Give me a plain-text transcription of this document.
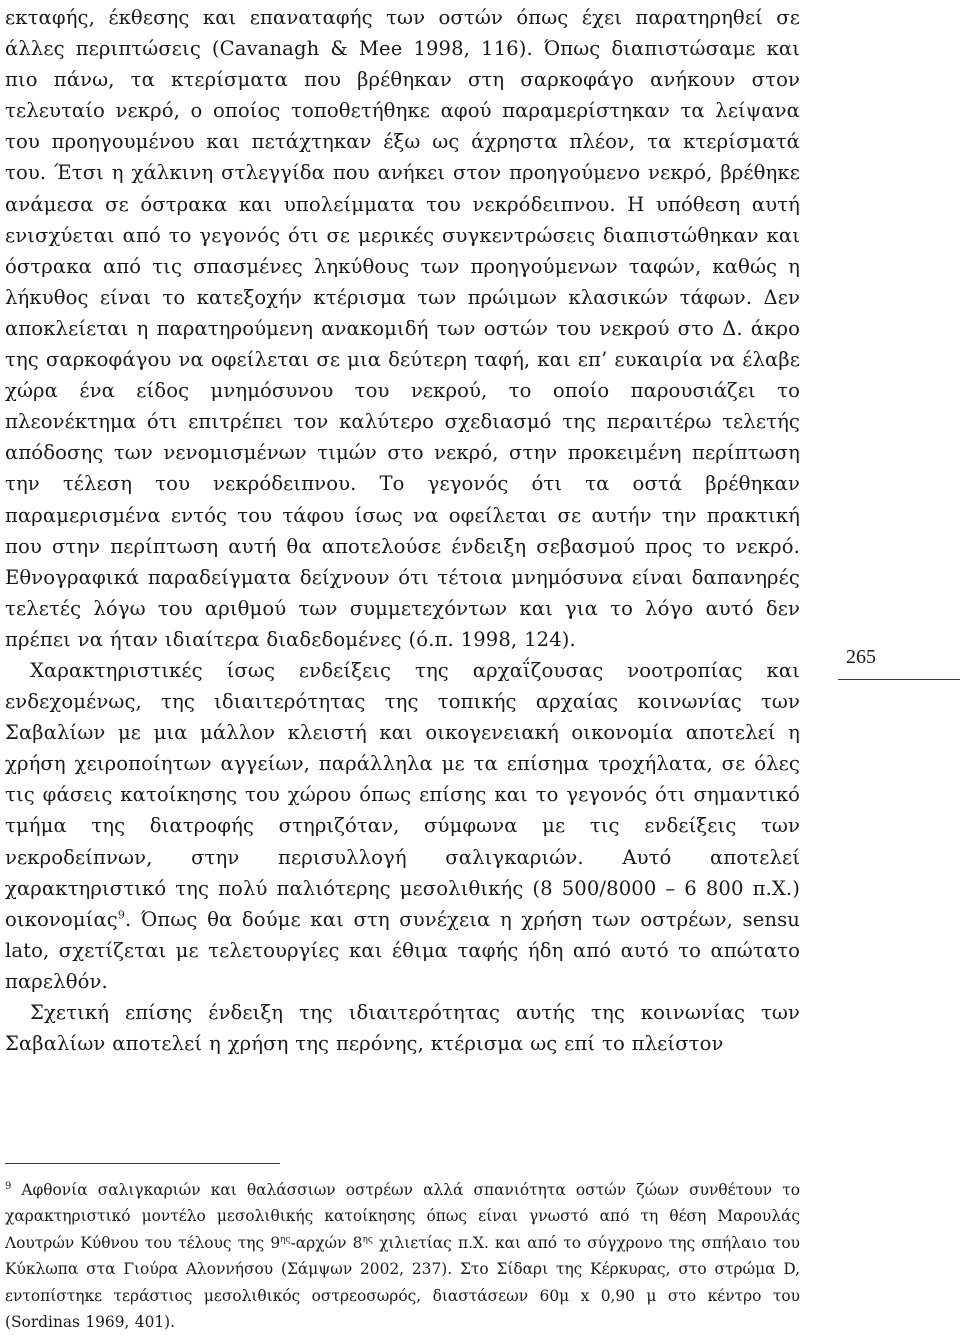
εκταφής, έκθεσης και επαναταφής των οστών όπως έχει παρατηρηθεί σε άλλες περιπτώσεις (Cavanagh & Mee 1998, 116). Όπως διαπιστώσαμε και πιο πάνω, τα κτερίσματα που βρέθηκαν στη σαρκοφάγο ανήκουν στον τελευταίο νεκρό, ο οποίος τοποθετήθηκε αφού παραμερίστηκαν τα λείψανα του προηγουμένου και πετάχτηκαν έξω ως άχρηστα πλέον, τα κτερίσματά του. Έτσι η χάλκινη στλεγγίδα που ανήκει στον προηγούμενο νεκρό, βρέθηκε ανάμεσα σε όστρακα και υπολείμματα του νεκρόδειπνου. Η υπόθεση αυτή ενισχύεται από το γεγονός ότι σε μερικές συγκεντρώσεις διαπιστώθηκαν και όστρακα από τις σπασμένες ληκύθους των προηγούμενων ταφών, καθώς η λήκυθος είναι το κατεξοχήν κτέρισμα των πρώιμων κλασικών τάφων. Δεν αποκλείεται η παρατηρούμενη ανακομιδή των οστών του νεκρού στο Δ. άκρο της σαρκοφάγου να οφείλεται σε μια δεύτερη ταφή, και επ’ ευκαιρία να έλαβε χώρα ένα είδος μνημόσυνου του νεκρού, το οποίο παρουσιάζει το πλεονέκτημα ότι επιτρέπει τον καλύτερο σχεδιασμό της περαιτέρω τελετής απόδοσης των νενομισμένων τιμών στο νεκρό, στην προκειμένη περίπτωση την τέλεση του νεκρόδειπνου. Το γεγονός ότι τα οστά βρέθηκαν παραμερισμένα εντός του τάφου ίσως να οφείλεται σε αυτήν την πρακτική που στην περίπτωση αυτή θα αποτελούσε ένδειξη σεβασμού προς το νεκρό. Εθνογραφικά παραδείγματα δείχνουν ότι τέτοια μνημόσυνα είναι δαπανηρές τελετές λόγω του αριθμού των συμμετεχόντων και για το λόγο αυτό δεν πρέπει να ήταν ιδιαίτερα διαδεδομένες (ό.π. 1998, 124).

Χαρακτηριστικές ίσως ενδείξεις της αρχαΐζουσας νοοτροπίας και ενδεχομένως, της ιδιαιτερότητας της τοπικής αρχαίας κοινωνίας των Σαβαλίων με μια μάλλον κλειστή και οικογενειακή οικονομία αποτελεί η χρήση χειροποίητων αγγείων, παράλληλα με τα επίσημα τροχήλατα, σε όλες τις φάσεις κατοίκησης του χώρου όπως επίσης και το γεγονός ότι σημαντικό τμήμα της διατροφής στηριζόταν, σύμφωνα με τις ενδείξεις των νεκροδείπνων, στην περισυλλογή σαλιγκαριών. Αυτό αποτελεί χαρακτηριστικό της πολύ παλιότερης μεσολιθικής (8 500/8000 – 6 800 π.Χ.) οικονομίας$^9$. Όπως θα δούμε και στη συνέχεια η χρήση των οστρέων, sensu lato, σχετίζεται με τελετουργίες και έθιμα ταφής ήδη από αυτό το απώτατο παρελθόν.

Σχετική επίσης ένδειξη της ιδιαιτερότητας αυτής της κοινωνίας των Σαβαλίων αποτελεί η χρήση της περόνης, κτέρισμα ως επί το πλείστον

265

$^9$ Αφθονία σαλιγκαριών και θαλάσσιων οστρέων αλλά σπανιότητα οστών ζώων συνθέτουν το χαρακτηριστικό μοντέλο μεσολιθικής κατοίκησης όπως είναι γνωστό από τη θέση Μαρουλάς Λουτρών Κύθνου του τέλους της $9^{\eta\varsigma}$-αρχών $8^{\eta\varsigma}$ χιλιετίας π.Χ. και από το σύγχρονο της σπήλαιο του Κύκλωπα στα Γιούρα Αλοννήσου (Σάμψων 2002, 237). Στο Σίδαρι της Κέρκυρας, στο στρώμα D, εντοπίστηκε τεράστιος μεσολιθικός οστρεοσωρός, διαστάσεων 60μ x 0,90 μ στο κέντρο του (Sordinas 1969, 401).
